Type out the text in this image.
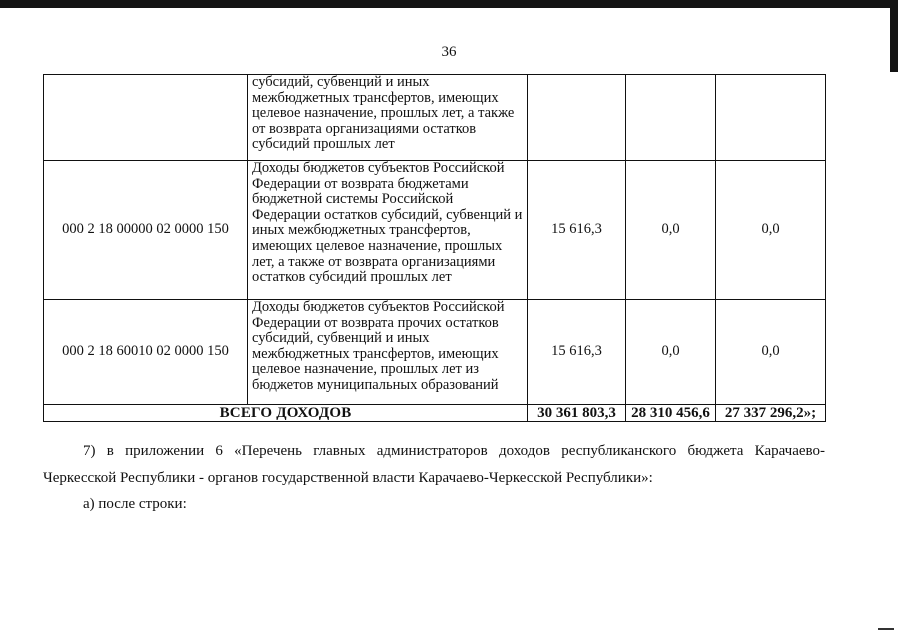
36
	субсидий, субвенций и иных межбюджетных трансфертов, имеющих целевое назначение, прошлых лет, а также от возврата организациями остатков субсидий прошлых лет			
000 2 18 00000 02 0000 150	Доходы бюджетов субъектов Российской Федерации от возврата бюджетами бюджетной системы Российской Федерации остатков субсидий, субвенций и иных межбюджетных трансфертов, имеющих целевое назначение, прошлых лет, а также от возврата организациями остатков субсидий прошлых лет	15 616,3	0,0	0,0
000 2 18 60010 02 0000 150	Доходы бюджетов субъектов Российской Федерации от возврата прочих остатков субсидий, субвенций и иных межбюджетных трансфертов, имеющих целевое назначение, прошлых лет из бюджетов муниципальных образований	15 616,3	0,0	0,0
ВСЕГО ДОХОДОВ		30 361 803,3	28 310 456,6	27 337 296,2»;
7) в приложении 6 «Перечень главных администраторов доходов республиканского бюджета Карачаево-
Черкесской Республики - органов государственной власти Карачаево-Черкесской Республики»:
а) после строки:
